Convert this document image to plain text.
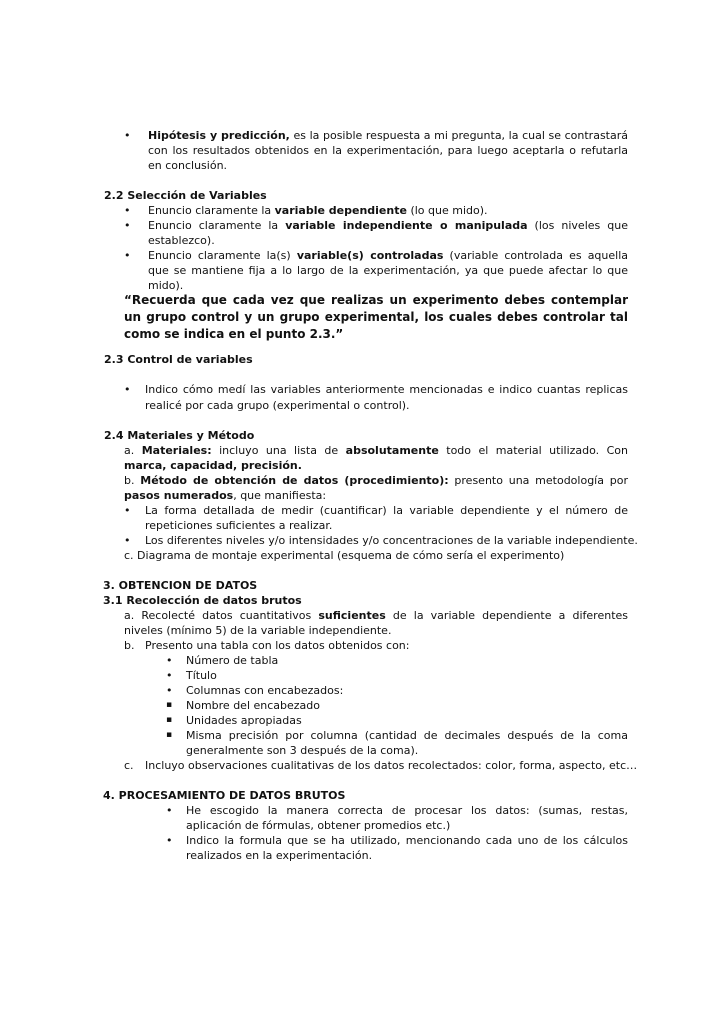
• Hipótesis y predicción, es la posible respuesta a mi pregunta, la cual se contrastará con los resultados obtenidos en la experimentación, para luego aceptarla o refutarla en conclusión.

2.2 Selección de Variables

• Enuncio claramente la variable dependiente (lo que mido).

• Enuncio claramente la variable independiente o manipulada (los niveles que establezco).

• Enuncio claramente la(s) variable(s) controladas (variable controlada es aquella que se mantiene fija a lo largo de la experimentación, ya que puede afectar lo que mido).

“Recuerda que cada vez que realizas un experimento debes contemplar un grupo control y un grupo experimental, los cuales debes controlar tal como se indica en el punto 2.3.”

2.3 Control de variables

• Indico cómo medí las variables anteriormente mencionadas e indico cuantas replicas realicé por cada grupo (experimental o control).

2.4 Materiales y Método

a. Materiales: incluyo una lista de absolutamente todo el material utilizado. Con marca, capacidad, precisión.

b. Método de obtención de datos (procedimiento): presento una metodología por pasos numerados, que manifiesta:

• La forma detallada de medir (cuantificar) la variable dependiente y el número de repeticiones suficientes a realizar.

• Los diferentes niveles y/o intensidades y/o concentraciones de la variable independiente.

c. Diagrama de montaje experimental (esquema de cómo sería el experimento)

3. OBTENCION DE DATOS

3.1 Recolección de datos brutos

a. Recolecté datos cuantitativos suficientes de la variable dependiente a diferentes niveles (mínimo 5) de la variable independiente.

b. Presento una tabla con los datos obtenidos con:

• Número de tabla

• Título

• Columnas con encabezados:

▪ Nombre del encabezado

▪ Unidades apropiadas

▪ Misma precisión por columna (cantidad de decimales después de la coma generalmente son 3 después de la coma).

c. Incluyo observaciones cualitativas de los datos recolectados: color, forma, aspecto, etc…

4. PROCESAMIENTO DE DATOS BRUTOS

• He escogido la manera correcta de procesar los datos: (sumas, restas, aplicación de fórmulas, obtener promedios etc.)

• Indico la formula que se ha utilizado, mencionando cada uno de los cálculos realizados en la experimentación.
